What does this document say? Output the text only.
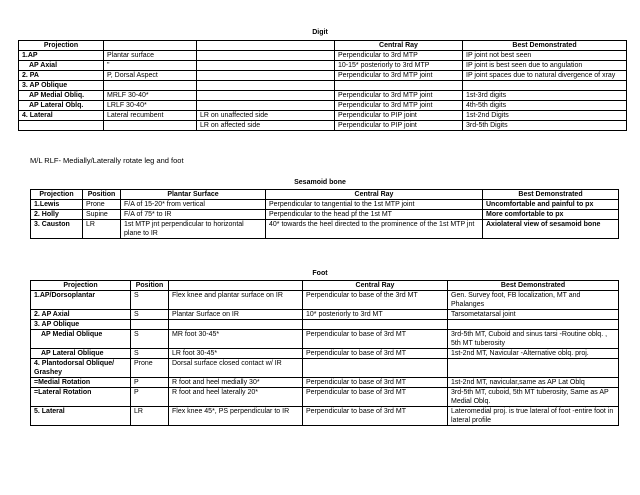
Digit
Projection			Central Ray	Best Demonstrated
1.AP	Plantar surface		Perpendicular to 3rd MTP	IP joint not best seen
AP Axial	"		10-15* posteriorly to 3rd MTP	IP joint is best seen due to angulation
2. PA	P, Dorsal Aspect		Perpendicular to 3rd MTP joint	IP joint spaces due to natural divergence of xray
3. AP Oblique				
AP Medial Obliq.	MRLF 30-40*		Perpendicular to 3rd MTP joint	1st-3rd digits
AP Lateral Oblq.	LRLF 30-40*		Perpendicular to 3rd MTP joint	4th-5th digits
4. Lateral	Lateral recumbent	LR on unaffected side	Perpendicular to PIP joint	1st-2nd Digits
		LR on affected side	Perpendicular to PIP joint	3rd-5th Digits
M/L RLF- Medially/Laterally rotate leg and foot
Sesamoid bone
Projection	Position	Plantar Surface	Central Ray	Best Demonstrated
1.Lewis	Prone	F/A of 15-20* from vertical	Perpendicular to tangential to the 1st MTP joint	Uncomfortable and painful to px
2. Holly	Supine	F/A of 75* to IR	Perpendicular to the head pf the 1st MT	More comfortable to px
3. Causton	LR	1st MTP jnt perpendicular to horizontal plane to IR	40* towards the heel directed to the prominence of the 1st MTP jnt	Axiolateral view of sesamoid bone
Foot
Projection	Position		Central Ray	Best Demonstrated
1.AP/Dorsoplantar	S	Flex knee and plantar surface on IR	Perpendicular to base of the 3rd MT	Gen. Survey foot, FB localization, MT and Phalanges
2. AP Axial	S	Plantar Surface on IR	10* posteriorly to 3rd MT	Tarsometatarsal joint
3. AP Oblique				
AP Medial Oblique	S	MR foot 30-45*	Perpendicular to base of 3rd MT	3rd-5th MT, Cuboid and sinus tarsi -Routine oblq. , 5th MT tuberosity
AP Lateral Oblique	S	LR foot 30-45*	Perpendicular to base of 3rd MT	1st-2nd MT, Navicular -Alternative oblq. proj.
4. Plantodorsal Oblique/ Grashey	Prone	Dorsal surface closed contact w/ IR		
=Medial Rotation	P	R foot and heel medially 30*	Perpendicular to base of 3rd MT	1st-2nd MT, navicular,same as AP Lat Oblq
=Lateral Rotation	P	R foot and heel laterally 20*	Perpendicular to base of 3rd MT	3rd-5th MT, cuboid, 5th MT tuberosity, Same as AP Medial Oblq.
5. Lateral	LR	Flex knee 45*, PS perpendicular to IR	Perpendicular to base of 3rd MT	Lateromedial proj. is true lateral of foot -entire foot in lateral profile
